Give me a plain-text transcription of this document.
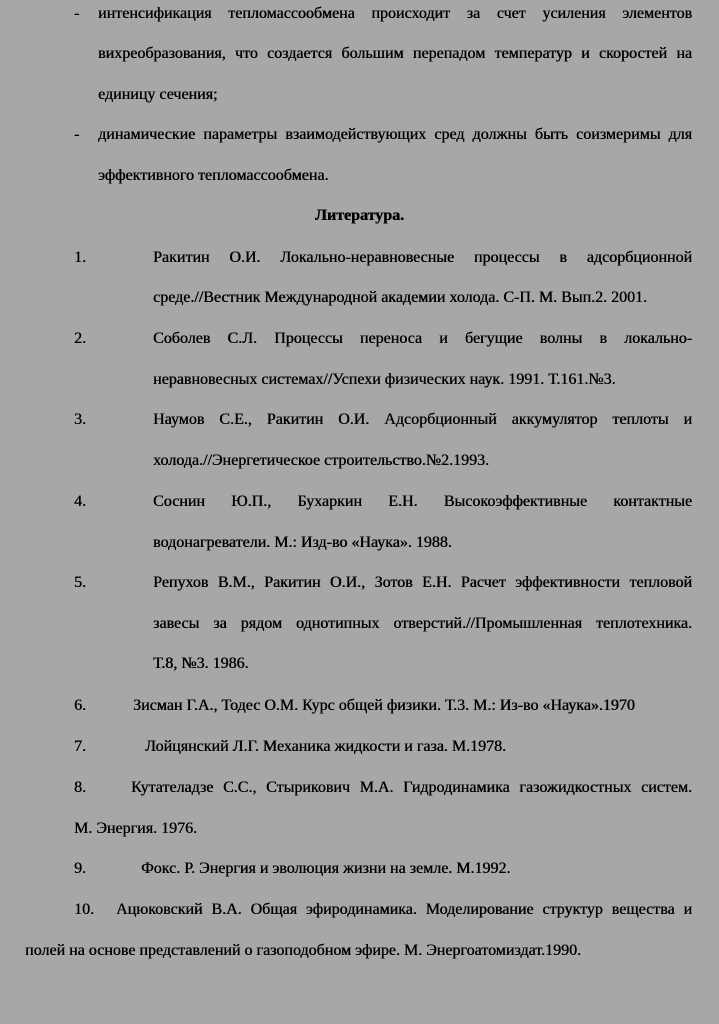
- интенсификация тепломассообмена происходит за счет усиления элементов
вихреобразования, что создается большим перепадом температур и скоростей на
единицу сечения;
- динамические параметры взаимодействующих сред должны быть соизмеримы для
эффективного тепломассообмена.
Литература.
1.	Ракитин О.И. Локально-неравновесные процессы в адсорбционной
среде.//Вестник Международной академии холода. С-П. М. Вып.2. 2001.
2.	Соболев С.Л. Процессы переноса и бегущие волны в локально-
неравновесных системах//Успехи физических наук. 1991. Т.161.№3.
3.	Наумов С.Е., Ракитин О.И. Адсорбционный аккумулятор теплоты и
холода.//Энергетическое строительство.№2.1993.
4.	Соснин Ю.П., Бухаркин Е.Н. Высокоэффективные контактные
водонагреватели. М.: Изд-во «Наука». 1988.
5.	Репухов В.М., Ракитин О.И., Зотов Е.Н. Расчет эффективности тепловой
завесы за рядом однотипных отверстий.//Промышленная теплотехника.
Т.8, №3. 1986.
6.	Зисман Г.А., Тодес О.М. Курс общей физики. Т.3. М.: Из-во «Наука».1970
7.	Лойцянский Л.Г. Механика жидкости и газа. М.1978.
8.	Кутателадзе С.С., Стырикович М.А. Гидродинамика газожидкостных систем.
М. Энергия. 1976.
9.	Фокс. Р. Энергия и эволюция жизни на земле. М.1992.
10. Ацюковский В.А. Общая эфиродинамика. Моделирование структур вещества и
полей на основе представлений о газоподобном эфире. М. Энергоатомиздат.1990.
